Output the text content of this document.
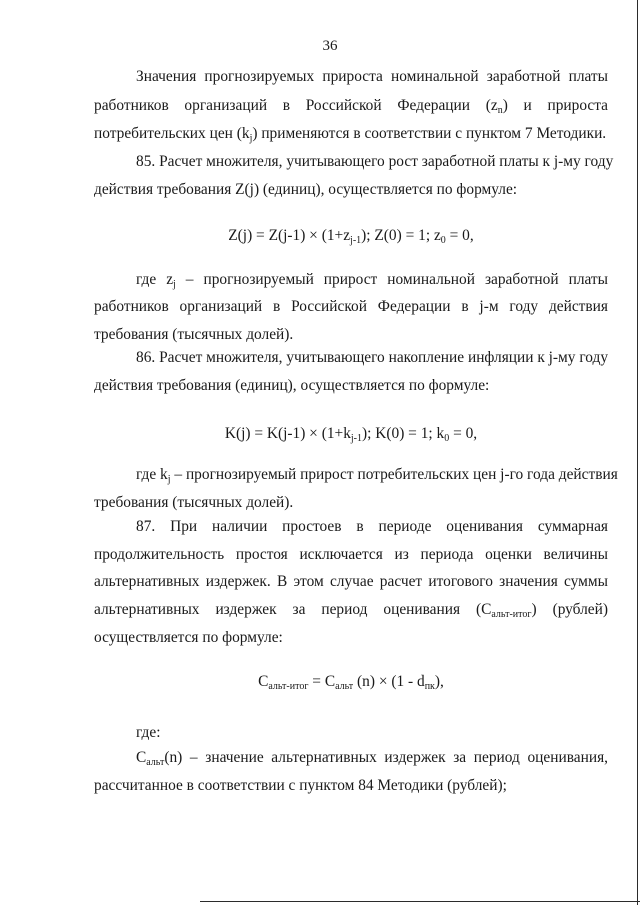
36
Значения прогнозируемых прироста номинальной заработной платы
работников организаций в Российской Федерации $(z_n)$ и прироста
потребительских цен $(k_j)$ применяются в соответствии с пунктом 7 Методики.
85. Расчет множителя, учитывающего рост заработной платы к j-му году
действия требования Z(j) (единиц), осуществляется по формуле:
$Z(j) = Z(j-1) \times (1+z_{j-1})$; Z(0) = 1; $z_0 = 0$,
где $z_j$ – прогнозируемый прирост номинальной заработной платы
работников организаций в Российской Федерации в j-м году действия
требования (тысячных долей).
86. Расчет множителя, учитывающего накопление инфляции к j-му году
действия требования (единиц), осуществляется по формуле:
$K(j) = K(j-1) \times (1+k_{j-1})$; K(0) = 1; $k_0 = 0$,
где $k_j$ – прогнозируемый прирост потребительских цен j-го года действия
требования (тысячных долей).
87. При наличии простоев в периоде оценивания суммарная
продолжительность простоя исключается из периода оценки величины
альтернативных издержек. В этом случае расчет итогового значения суммы
альтернативных издержек за период оценивания $(С_{альт-итог})$ (рублей)
осуществляется по формуле:
$С_{альт-итог} = С_{альт}$ $(n) \times (1 - d_{пк})$,
где:
$С_{альт}(n)$ – значение альтернативных издержек за период оценивания,
рассчитанное в соответствии с пунктом 84 Методики (рублей);
